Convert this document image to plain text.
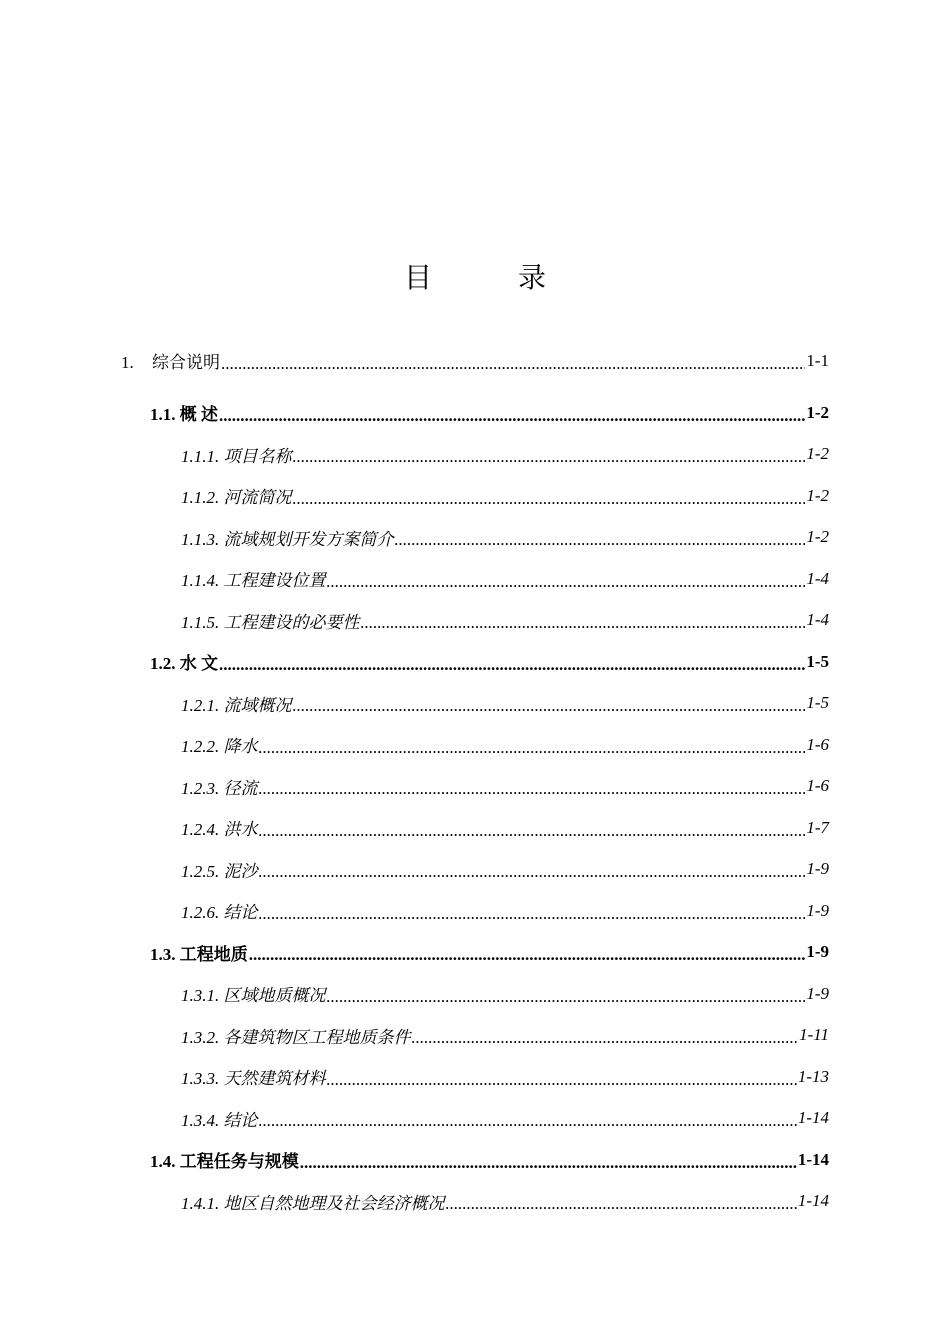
目	录
1. 综合说明 .....	1-1
1.1. 概 述 .....	1-2
1.1.1. 项目名称 .....	1-2
1.1.2. 河流简况 .....	1-2
1.1.3. 流域规划开发方案简介 .....	1-2
1.1.4. 工程建设位置 .....	1-4
1.1.5. 工程建设的必要性 .....	1-4
1.2. 水 文 .....	1-5
1.2.1. 流域概况 .....	1-5
1.2.2. 降水 .....	1-6
1.2.3. 径流 .....	1-6
1.2.4. 洪水 .....	1-7
1.2.5. 泥沙 .....	1-9
1.2.6. 结论 .....	1-9
1.3. 工程地质 .....	1-9
1.3.1. 区域地质概况 .....	1-9
1.3.2. 各建筑物区工程地质条件 .....	1-11
1.3.3. 天然建筑材料 .....	1-13
1.3.4. 结论 .....	1-14
1.4. 工程任务与规模 .....	1-14
1.4.1. 地区自然地理及社会经济概况 .....	1-14
